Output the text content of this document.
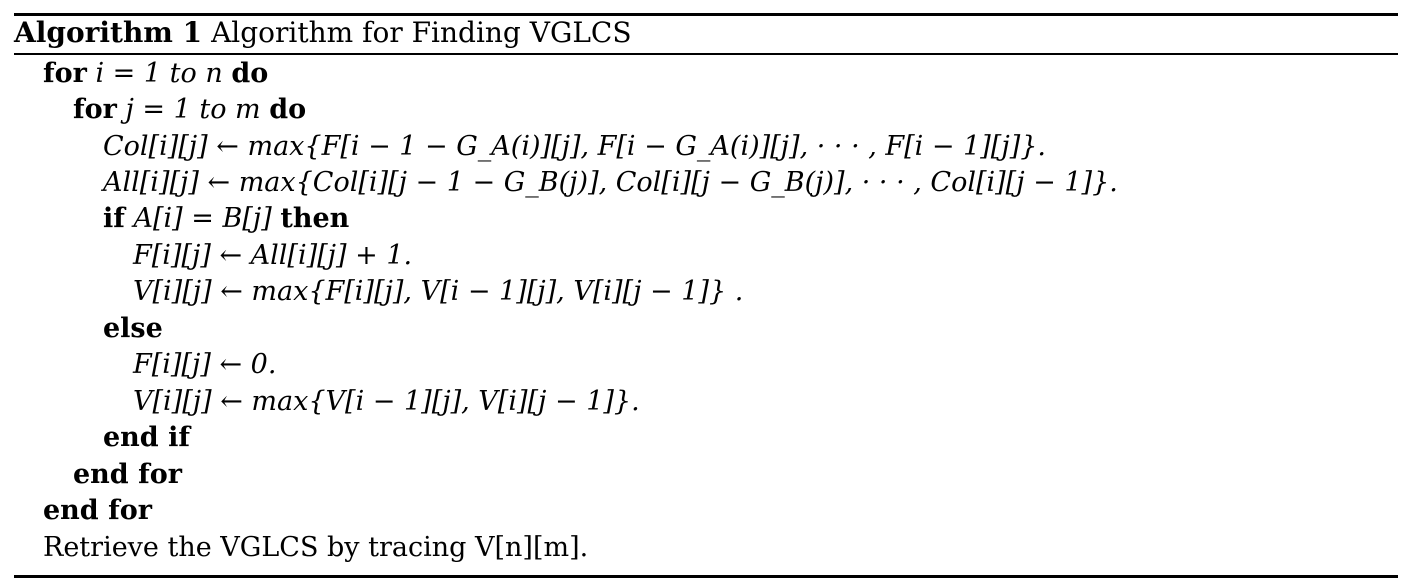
Algorithm 1 Algorithm for Finding VGLCS
for i = 1 to n do
for j = 1 to m do
Col[i][j] ← max{F[i − 1 − G_A(i)][j], F[i − G_A(i)][j], · · · , F[i − 1][j]}.
All[i][j] ← max{Col[i][j − 1 − G_B(j)], Col[i][j − G_B(j)], · · · , Col[i][j − 1]}.
if A[i] = B[j] then
F[i][j] ← All[i][j] + 1.
V[i][j] ← max{F[i][j], V[i − 1][j], V[i][j − 1]} .
else
F[i][j] ← 0.
V[i][j] ← max{V[i − 1][j], V[i][j − 1]}.
end if
end for
end for
Retrieve the VGLCS by tracing V[n][m].
